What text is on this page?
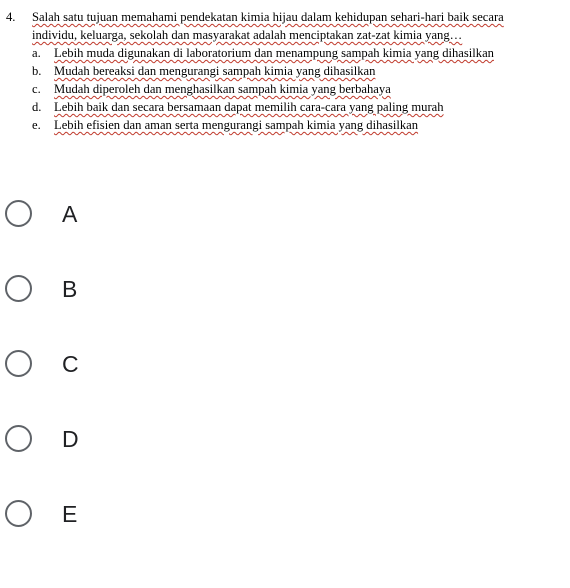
4.	Salah satu tujuan memahami pendekatan kimia hijau dalam kehidupan sehari-hari baik secara individu, keluarga, sekolah dan masyarakat adalah menciptakan zat-zat kimia yang…
a.	Lebih muda digunakan di laboratorium dan menampung sampah kimia yang dihasilkan
b. Mudah bereaksi dan mengurangi sampah kimia yang dihasilkan
c.	Mudah diperoleh dan menghasilkan sampah kimia yang berbahaya
d. Lebih baik dan secara bersamaan dapat memilih cara-cara yang paling murah
e.	Lebih efisien dan aman serta mengurangi sampah kimia yang dihasilkan
A
B
C
D
E
